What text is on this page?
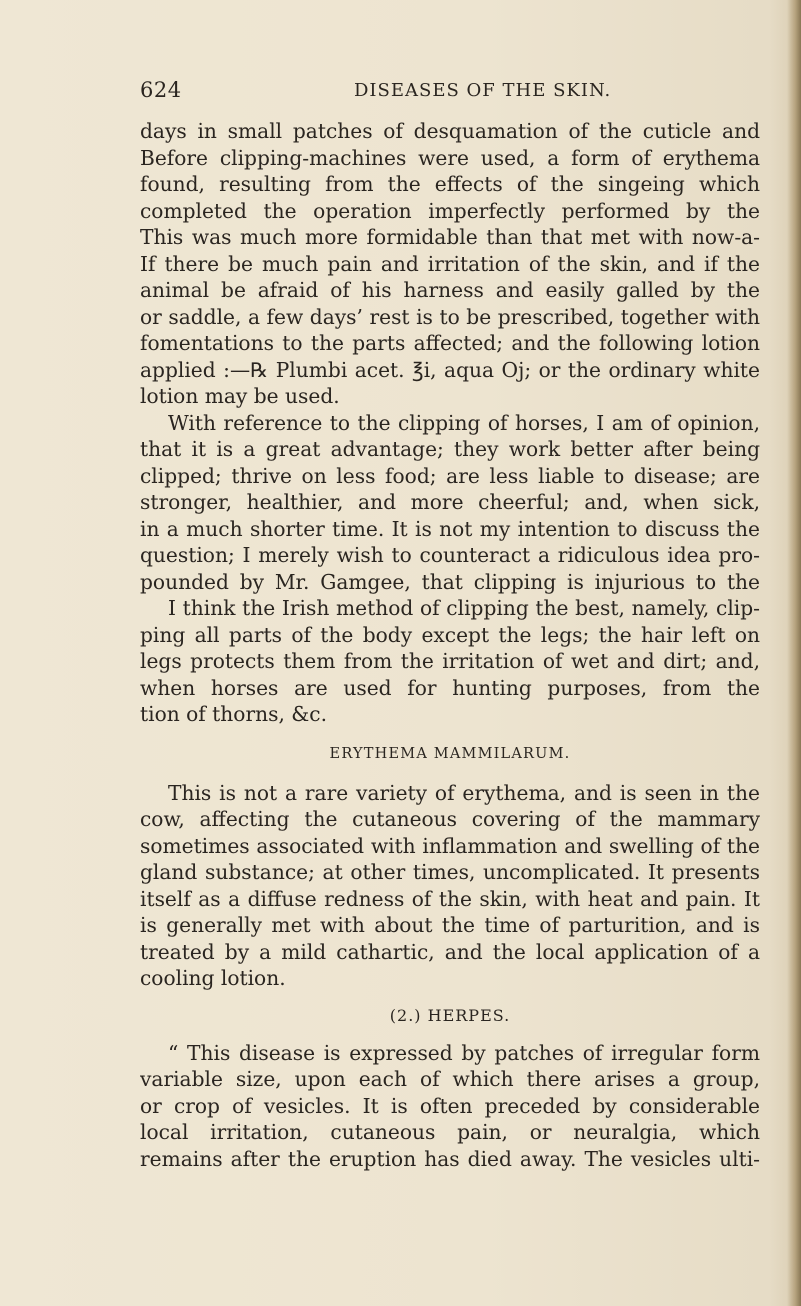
624	DISEASES OF THE SKIN.
days in small patches of desquamation of the cuticle and
Before clipping-machines were used, a form of erythema
found, resulting from the effects of the singeing which
completed the operation imperfectly performed by the
This was much more formidable than that met with now-a-
If there be much pain and irritation of the skin, and if the
animal be afraid of his harness and easily galled by the
or saddle, a few days’ rest is to be prescribed, together with
fomentations to the parts affected; and the following lotion
applied :—℞ Plumbi acet. ℥i, aqua Oj; or the ordinary white
lotion may be used.
With reference to the clipping of horses, I am of opinion,
that it is a great advantage; they work better after being
clipped; thrive on less food; are less liable to disease; are
stronger, healthier, and more cheerful; and, when sick,
in a much shorter time. It is not my intention to discuss the
question; I merely wish to counteract a ridiculous idea pro-
pounded by Mr. Gamgee, that clipping is injurious to the
I think the Irish method of clipping the best, namely, clip-
ping all parts of the body except the legs; the hair left on
legs protects them from the irritation of wet and dirt; and,
when horses are used for hunting purposes, from the
tion of thorns, &c.
ERYTHEMA MAMMILARUM.
This is not a rare variety of erythema, and is seen in the
cow, affecting the cutaneous covering of the mammary
sometimes associated with inflammation and swelling of the
gland substance; at other times, uncomplicated. It presents
itself as a diffuse redness of the skin, with heat and pain. It
is generally met with about the time of parturition, and is
treated by a mild cathartic, and the local application of a
cooling lotion.
(2.) HERPES.
“ This disease is expressed by patches of irregular form
variable size, upon each of which there arises a group,
or crop of vesicles. It is often preceded by considerable
local irritation, cutaneous pain, or neuralgia, which
remains after the eruption has died away. The vesicles ulti-
